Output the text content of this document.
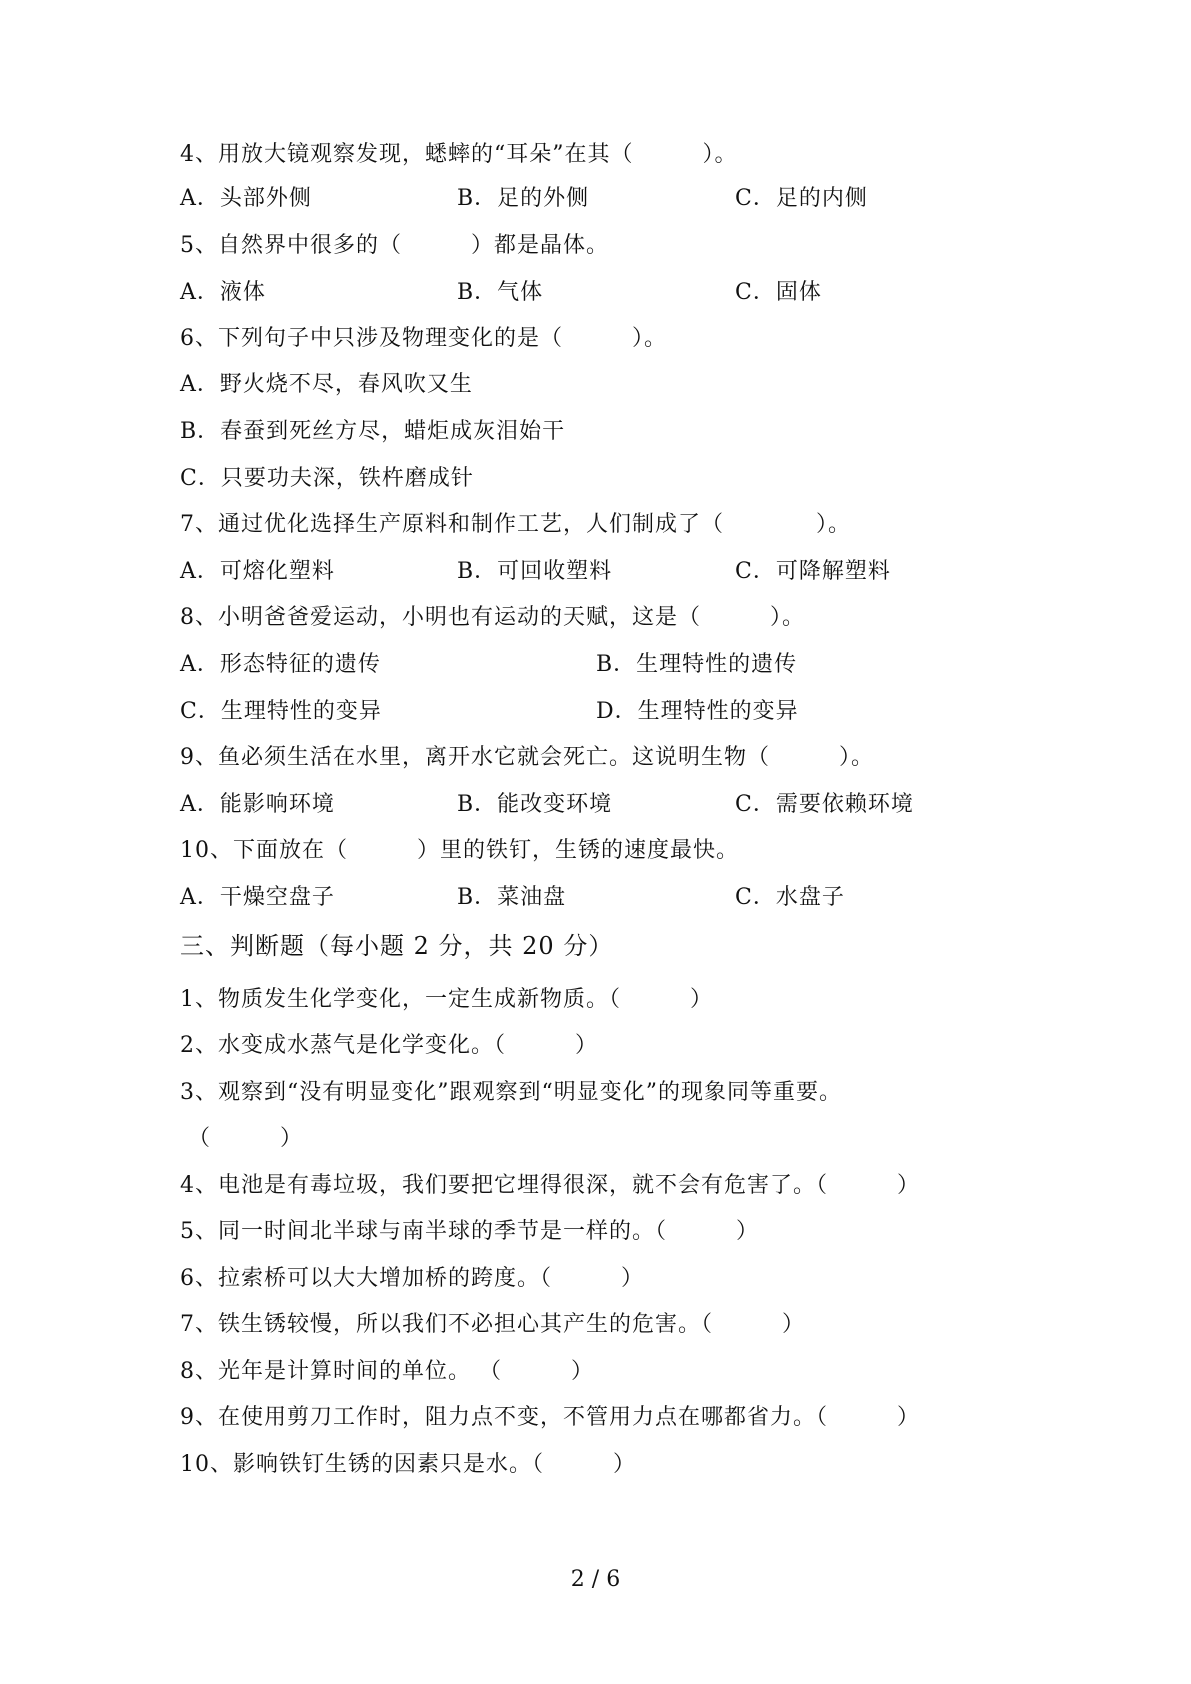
4、用放大镜观察发现，蟋蟀的“耳朵”在其（　　　）。
A．头部外侧	B．足的外侧	C．足的内侧
5、自然界中很多的（　　　）都是晶体。
A．液体	B．气体	C．固体
6、下列句子中只涉及物理变化的是（　　　）。
A．野火烧不尽，春风吹又生
B．春蚕到死丝方尽，蜡炬成灰泪始干
C．只要功夫深，铁杵磨成针
7、通过优化选择生产原料和制作工艺，人们制成了（　　　　）。
A．可熔化塑料	B．可回收塑料	C．可降解塑料
8、小明爸爸爱运动，小明也有运动的天赋，这是（　　　）。
A．形态特征的遗传	B．生理特性的遗传
C．生理特性的变异	D．生理特性的变异
9、鱼必须生活在水里，离开水它就会死亡。这说明生物（　　　）。
A．能影响环境	B．能改变环境	C．需要依赖环境
10、下面放在（　　　）里的铁钉，生锈的速度最快。
A．干燥空盘子	B．菜油盘	C．水盘子
三、判断题（每小题 2 分，共 20 分）
1、物质发生化学变化，一定生成新物质。（　　　）
2、水变成水蒸气是化学变化。（　　　）
3、观察到“没有明显变化”跟观察到“明显变化”的现象同等重要。
（　　　）
4、电池是有毒垃圾，我们要把它埋得很深，就不会有危害了。（　　　）
5、同一时间北半球与南半球的季节是一样的。（　　　）
6、拉索桥可以大大增加桥的跨度。（　　　）
7、铁生锈较慢，所以我们不必担心其产生的危害。（　　　）
8、光年是计算时间的单位。 （　　　）
9、在使用剪刀工作时，阻力点不变，不管用力点在哪都省力。（　　　）
10、影响铁钉生锈的因素只是水。（　　　）
2 / 6
